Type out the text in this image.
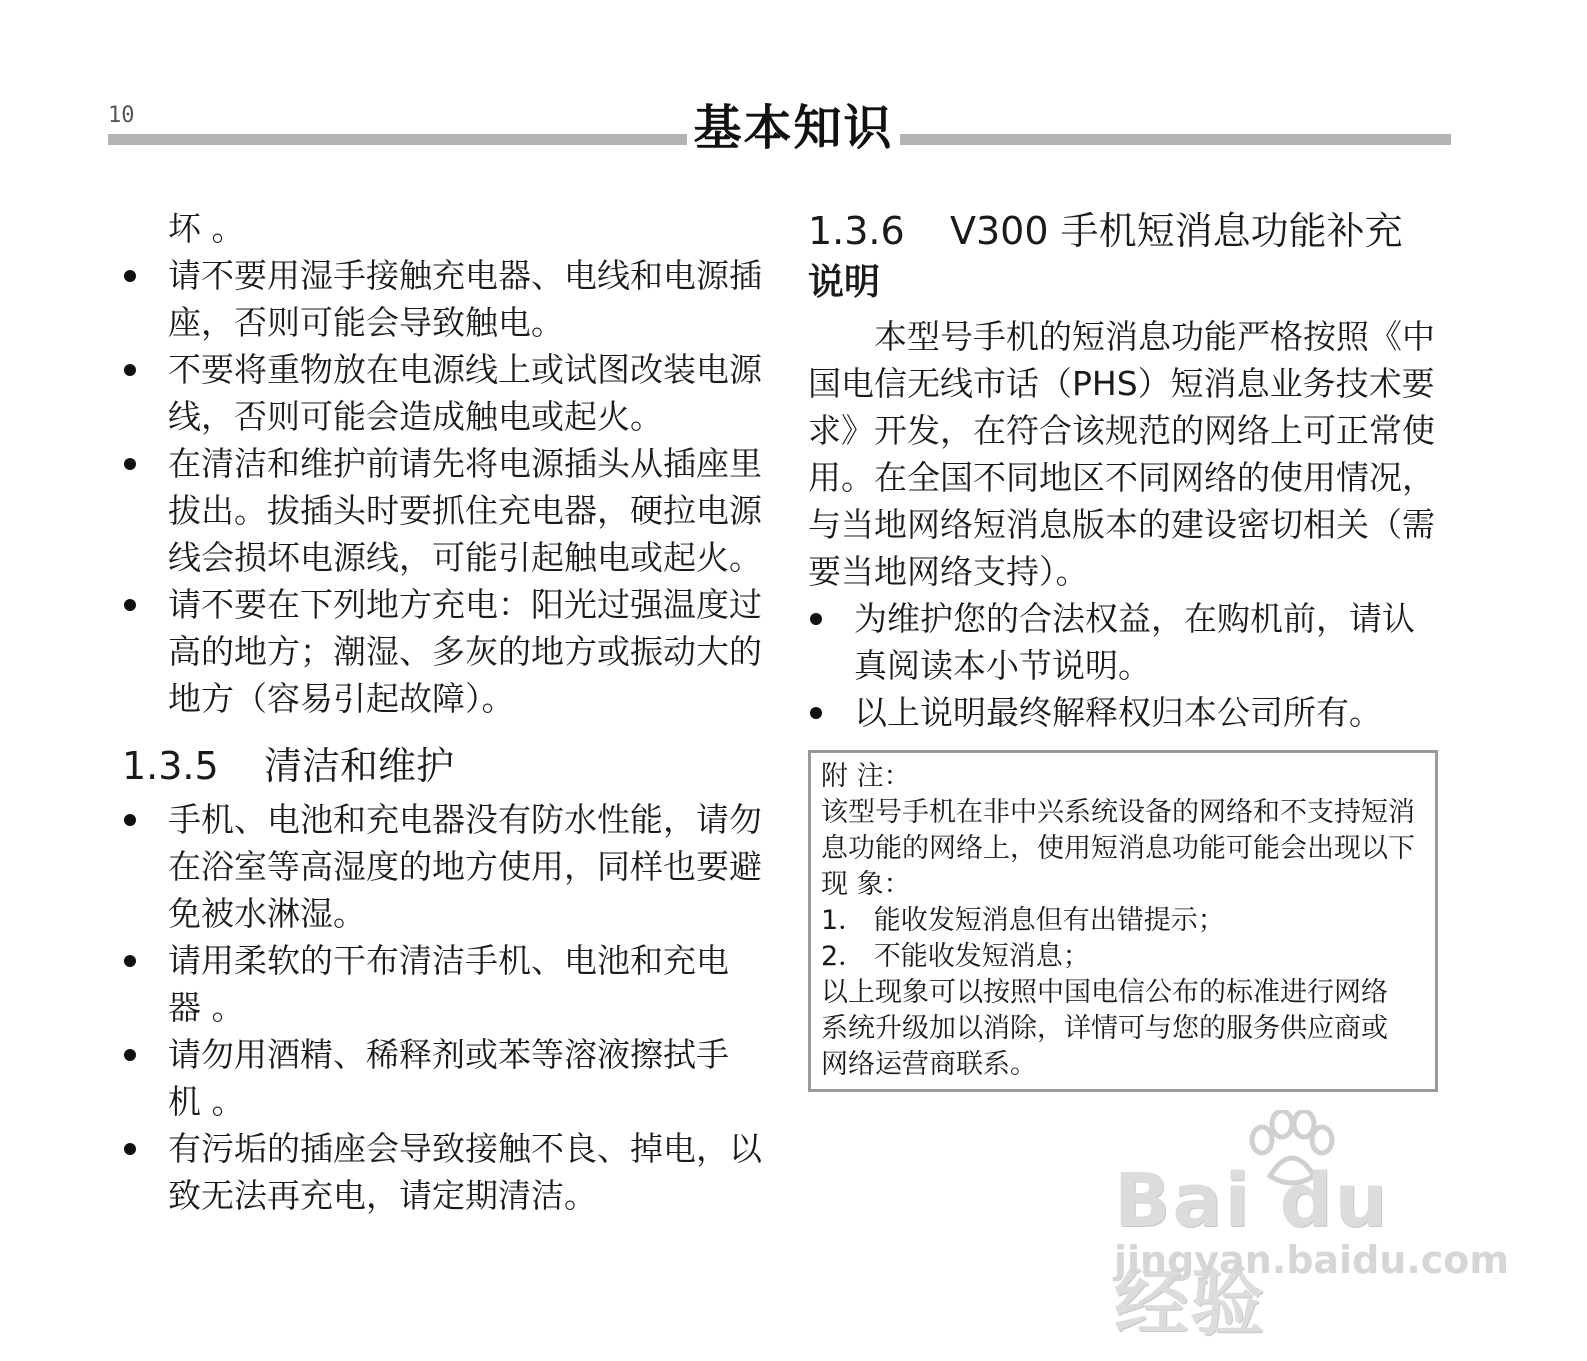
10	基本知识
坏 。
请不要用湿手接触充电器、电线和电源插
座，否则可能会导致触电。
不要将重物放在电源线上或试图改装电源
线，否则可能会造成触电或起火。
在清洁和维护前请先将电源插头从插座里
拔出。拔插头时要抓住充电器，硬拉电源
线会损坏电源线，可能引起触电或起火。
请不要在下列地方充电：阳光过强温度过
高的地方；潮湿、多灰的地方或振动大的
地方（容易引起故障）。
1.3.5 清洁和维护
手机、电池和充电器没有防水性能，请勿
在浴室等高湿度的地方使用，同样也要避
免被水淋湿。
请用柔软的干布清洁手机、电池和充电
器 。
请勿用酒精、稀释剂或苯等溶液擦拭手
机 。
有污垢的插座会导致接触不良、掉电，以
致无法再充电，请定期清洁。
1.3.6 V300 手机短消息功能补充
说明
本型号手机的短消息功能严格按照《中
国电信无线市话（PHS）短消息业务技术要
求》开发，在符合该规范的网络上可正常使
用。在全国不同地区不同网络的使用情况，
与当地网络短消息版本的建设密切相关（需
要当地网络支持）。
为维护您的合法权益，在购机前，请认
真阅读本小节说明。
以上说明最终解释权归本公司所有。
附 注：
该型号手机在非中兴系统设备的网络和不支持短消
息功能的网络上，使用短消息功能可能会出现以下
现 象：
1． 能收发短消息但有出错提示；
2． 不能收发短消息；
以上现象可以按照中国电信公布的标准进行网络
系统升级加以消除，详情可与您的服务供应商或
网络运营商联系。
Bai du 经验
jingyan.baidu.com
